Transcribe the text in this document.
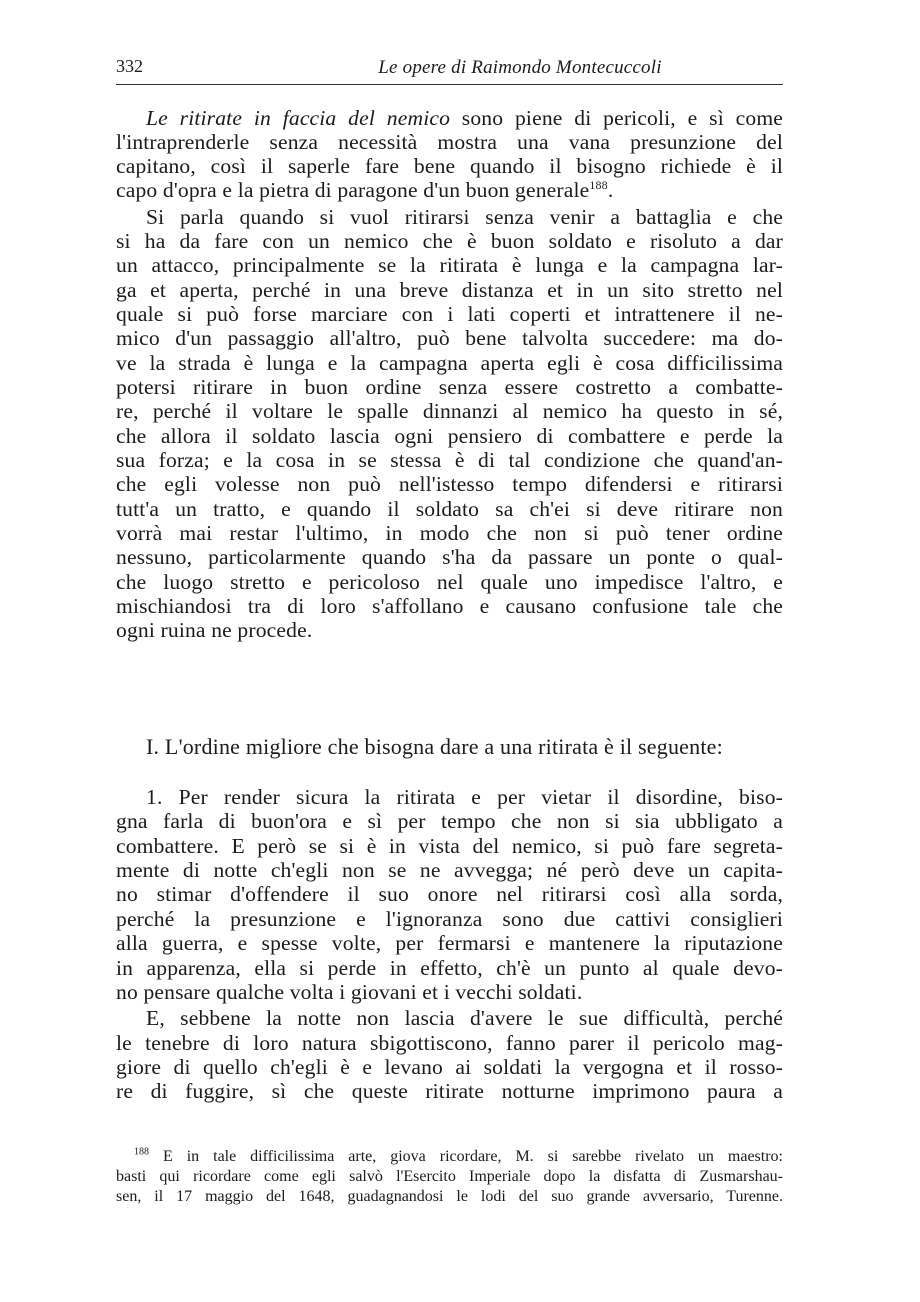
332	Le opere di Raimondo Montecuccoli
Le ritirate in faccia del nemico sono piene di pericoli, e sì come
l'intraprenderle senza necessità mostra una vana presunzione del
capitano, così il saperle fare bene quando il bisogno richiede è il
capo d'opra e la pietra di paragone d'un buon generale$^{188}$.
Si parla quando si vuol ritirarsi senza venir a battaglia e che
si ha da fare con un nemico che è buon soldato e risoluto a dar
un attacco, principalmente se la ritirata è lunga e la campagna lar-
ga et aperta, perché in una breve distanza et in un sito stretto nel
quale si può forse marciare con i lati coperti et intrattenere il ne-
mico d'un passaggio all'altro, può bene talvolta succedere: ma do-
ve la strada è lunga e la campagna aperta egli è cosa difficilissima
potersi ritirare in buon ordine senza essere costretto a combatte-
re, perché il voltare le spalle dinnanzi al nemico ha questo in sé,
che allora il soldato lascia ogni pensiero di combattere e perde la
sua forza; e la cosa in se stessa è di tal condizione che quand'an-
che egli volesse non può nell'istesso tempo difendersi e ritirarsi
tutt'a un tratto, e quando il soldato sa ch'ei si deve ritirare non
vorrà mai restar l'ultimo, in modo che non si può tener ordine
nessuno, particolarmente quando s'ha da passare un ponte o qual-
che luogo stretto e pericoloso nel quale uno impedisce l'altro, e
mischiandosi tra di loro s'affollano e causano confusione tale che
ogni ruina ne procede.
I. L'ordine migliore che bisogna dare a una ritirata è il seguente:
1. Per render sicura la ritirata e per vietar il disordine, biso-
gna farla di buon'ora e sì per tempo che non si sia ubbligato a
combattere. E però se si è in vista del nemico, si può fare segreta-
mente di notte ch'egli non se ne avvegga; né però deve un capita-
no stimar d'offendere il suo onore nel ritirarsi così alla sorda,
perché la presunzione e l'ignoranza sono due cattivi consiglieri
alla guerra, e spesse volte, per fermarsi e mantenere la riputazione
in apparenza, ella si perde in effetto, ch'è un punto al quale devo-
no pensare qualche volta i giovani et i vecchi soldati.
E, sebbene la notte non lascia d'avere le sue difficultà, perché
le tenebre di loro natura sbigottiscono, fanno parer il pericolo mag-
giore di quello ch'egli è e levano ai soldati la vergogna et il rosso-
re di fuggire, sì che queste ritirate notturne imprimono paura a
$^{188}$ E in tale difficilissima arte, giova ricordare, M. si sarebbe rivelato un maestro:
basti qui ricordare come egli salvò l'Esercito Imperiale dopo la disfatta di Zusmarshau-
sen, il 17 maggio del 1648, guadagnandosi le lodi del suo grande avversario, Turenne.
